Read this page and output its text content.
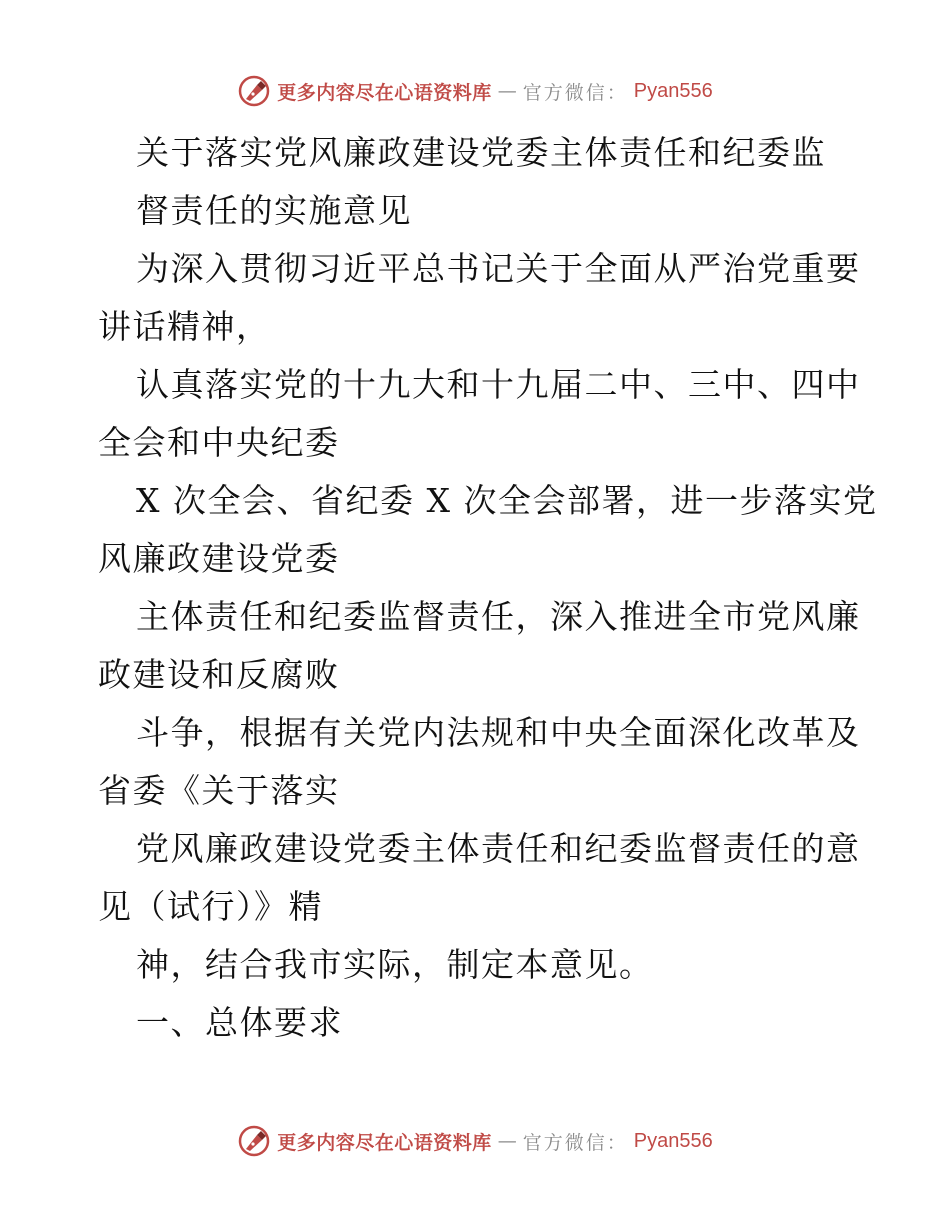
更多内容尽在心语资料库 — 官方微信： Pyan556
关于落实党风廉政建设党委主体责任和纪委监
督责任的实施意见
为深入贯彻习近平总书记关于全面从严治党重要
讲话精神，
认真落实党的十九大和十九届二中、三中、四中
全会和中央纪委
X 次全会、省纪委 X 次全会部署，进一步落实党
风廉政建设党委
主体责任和纪委监督责任，深入推进全市党风廉
政建设和反腐败
斗争，根据有关党内法规和中央全面深化改革及
省委《关于落实
党风廉政建设党委主体责任和纪委监督责任的意
见（试行）》精
神，结合我市实际，制定本意见。
一、总体要求
更多内容尽在心语资料库 — 官方微信： Pyan556
